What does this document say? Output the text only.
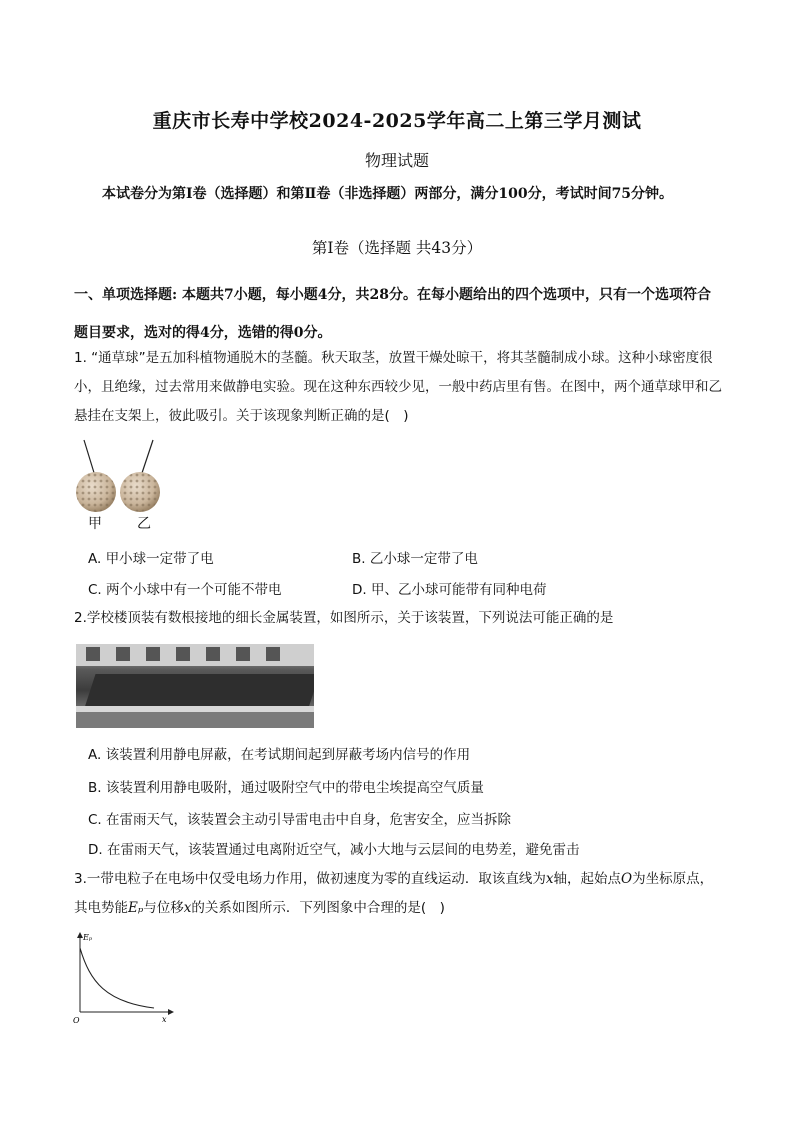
重庆市长寿中学校2024-2025学年高二上第三学月测试
物理试题
本试卷分为第Ⅰ卷（选择题）和第Ⅱ卷（非选择题）两部分，满分100分，考试时间75分钟。
第Ⅰ卷（选择题 共43分）
一、单项选择题: 本题共7小题，每小题4分，共28分。在每小题给出的四个选项中，只有一个选项符合题目要求，选对的得4分，选错的得0分。
1. “通草球”是五加科植物通脱木的茎髓。秋天取茎，放置干燥处晾干，将其茎髓制成小球。这种小球密度很小，且绝缘，过去常用来做静电实验。现在这种东西较少见，一般中药店里有售。在图中，两个通草球甲和乙悬挂在支架上，彼此吸引。关于该现象判断正确的是(　)
甲	乙
A. 甲小球一定带了电	B. 乙小球一定带了电
C. 两个小球中有一个可能不带电	D. 甲、乙小球可能带有同种电荷
2.学校楼顶装有数根接地的细长金属装置，如图所示，关于该装置，下列说法可能正确的是
A. 该装置利用静电屏蔽，在考试期间起到屏蔽考场内信号的作用
B. 该装置利用静电吸附，通过吸附空气中的带电尘埃提高空气质量
C. 在雷雨天气，该装置会主动引导雷电击中自身，危害安全，应当拆除
D. 在雷雨天气，该装置通过电离附近空气，减小大地与云层间的电势差，避免雷击
3.一带电粒子在电场中仅受电场力作用，做初速度为零的直线运动．取该直线为x轴，起始点O为坐标原点，其电势能Eₚ与位移x的关系如图所示．下列图象中合理的是(　)
Eₚ
x
O
